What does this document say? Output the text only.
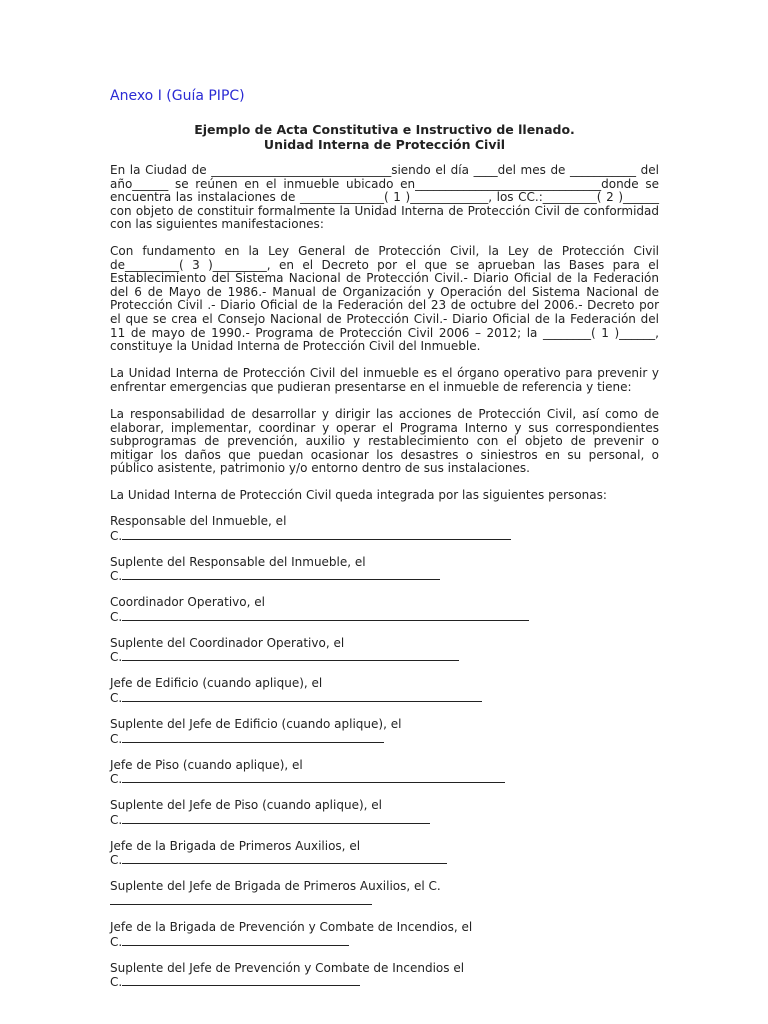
Anexo I (Guía PIPC)
Ejemplo de Acta Constitutiva e Instructivo de llenado.
Unidad Interna de Protección Civil

En la Ciudad de ______________________________siendo el día ____del mes de ___________ del año______ se reúnen en el inmueble ubicado en_______________________________donde se encuentra las instalaciones de ______________( 1 )_____________, los CC.:_________( 2 )______ con objeto de constituir formalmente la Unidad Interna de Protección Civil de conformidad con las siguientes manifestaciones:

Con fundamento en la Ley General de Protección Civil, la Ley de Protección Civil de_________( 3 )_________, en el Decreto por el que se aprueban las Bases para el Establecimiento del Sistema Nacional de Protección Civil.- Diario Oficial de la Federación del 6 de Mayo de 1986.- Manual de Organización y Operación del Sistema Nacional de Protección Civil .- Diario Oficial de la Federación del 23 de octubre del 2006.- Decreto por el que se crea el Consejo Nacional de Protección Civil.- Diario Oficial de la Federación del 11 de mayo de 1990.- Programa de Protección Civil 2006 – 2012; la ________( 1 )______, constituye la Unidad Interna de Protección Civil del Inmueble.

La Unidad Interna de Protección Civil del inmueble es el órgano operativo para prevenir y enfrentar emergencias que pudieran presentarse en el inmueble de referencia y tiene:

La responsabilidad de desarrollar y dirigir las acciones de Protección Civil, así como de elaborar, implementar, coordinar y operar el Programa Interno y sus correspondientes subprogramas de prevención, auxilio y restablecimiento con el objeto de prevenir o mitigar los daños que puedan ocasionar los desastres o siniestros en su personal, o público asistente, patrimonio y/o entorno dentro de sus instalaciones.

La Unidad Interna de Protección Civil queda integrada por las siguientes personas:

Responsable del Inmueble, el
C.
Suplente del Responsable del Inmueble, el
C.
Coordinador Operativo, el
C.
Suplente del Coordinador Operativo, el
C.
Jefe de Edificio (cuando aplique), el
C.
Suplente del Jefe de Edificio (cuando aplique), el
C.
Jefe de Piso (cuando aplique), el
C.
Suplente del Jefe de Piso (cuando aplique), el
C.
Jefe de la Brigada de Primeros Auxilios, el
C.
Suplente del Jefe de Brigada de Primeros Auxilios, el C.
Jefe de la Brigada de Prevención y Combate de Incendios, el
C.
Suplente del Jefe de Prevención y Combate de Incendios el
C.
